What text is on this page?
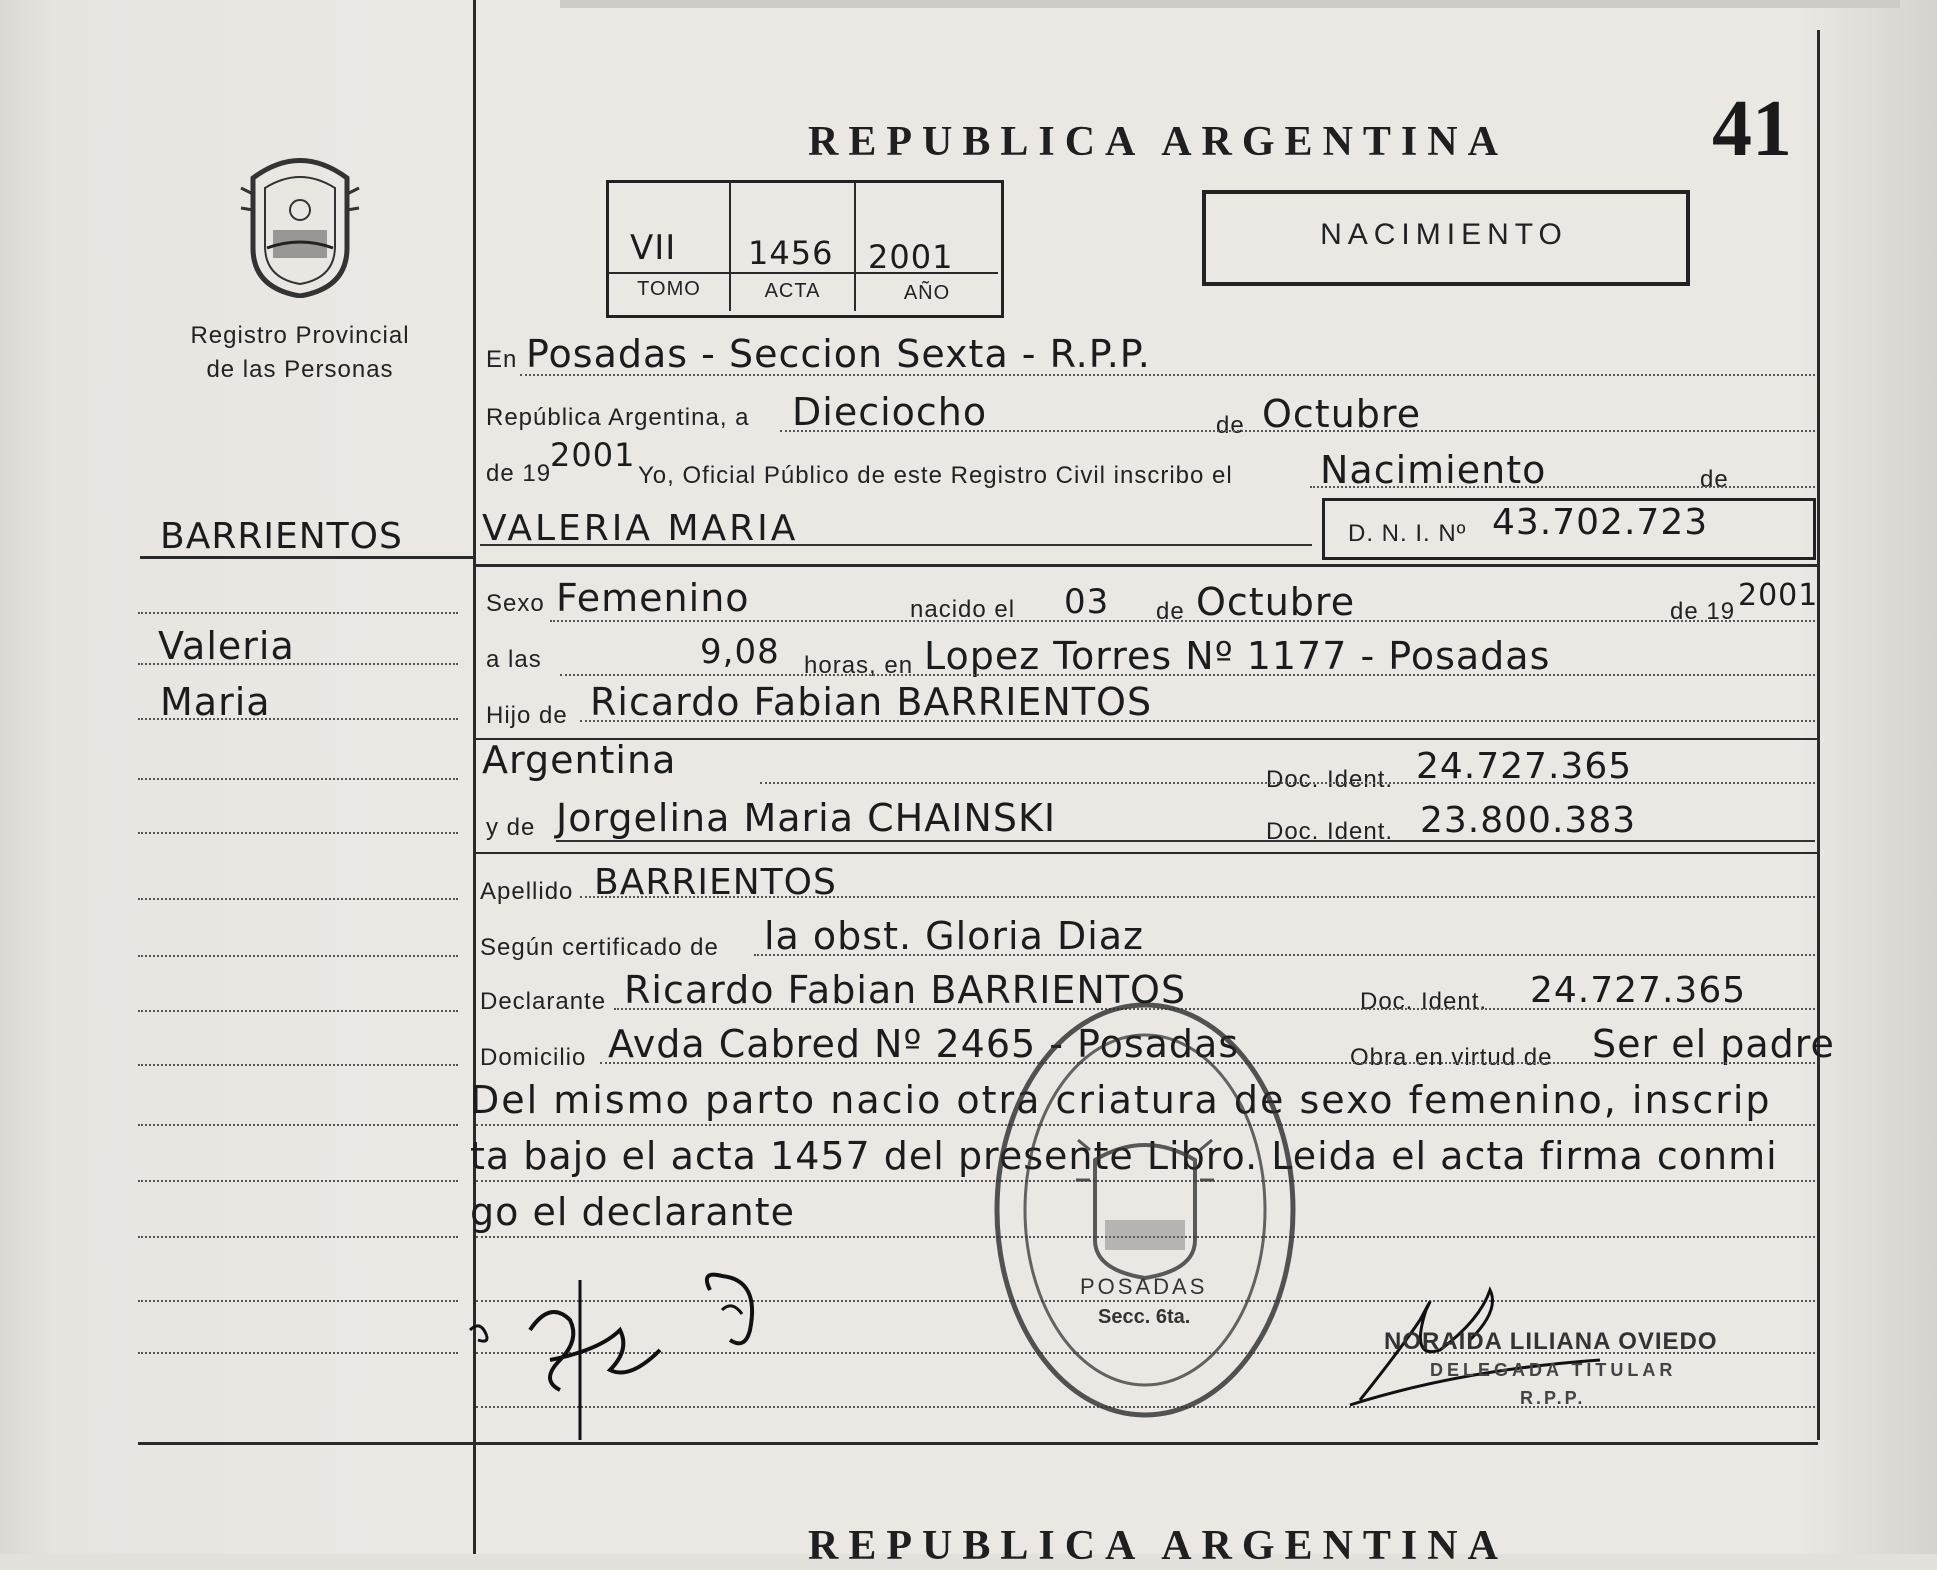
Registro Provincial
de las Personas
BARRIENTOS
Valeria
Maria
REPUBLICA ARGENTINA	41
VII 1456 2001
TOMO	ACTA	AÑO
NACIMIENTO
En Posadas - Seccion Sexta - R.P.P.
República Argentina, a Dieciocho	de Octubre
de 19
2001
Yo, Oficial Público de este Registro Civil inscribo el Nacimiento	de
VALERIA MARIA	D. N. I. Nº 43.702.723
Sexo Femenino	nacido el 03 de Octubre	de 19 2001
a las	9,08 horas, en Lopez Torres Nº 1177 - Posadas
Hijo de Ricardo Fabian BARRIENTOS
Argentina	Doc. Ident. 24.727.365
y de Jorgelina Maria CHAINSKI	Doc. Ident. 23.800.383
Apellido BARRIENTOS
Según certificado de la obst. Gloria Diaz
Declarante Ricardo Fabian BARRIENTOS	Doc. Ident. 24.727.365
Domicilio Avda Cabred Nº 2465 - Posadas	Obra en virtud de Ser el padre
Del mismo parto nacio otra criatura de sexo femenino, inscrip
ta bajo el acta 1457 del presente Libro. Leida el acta firma conmi
go el declarante
POSADAS
Secc. 6ta.
NORAIDA LILIANA OVIEDO
DELEGADA TITULAR
R.P.P.
REPUBLICA ARGENTINA
